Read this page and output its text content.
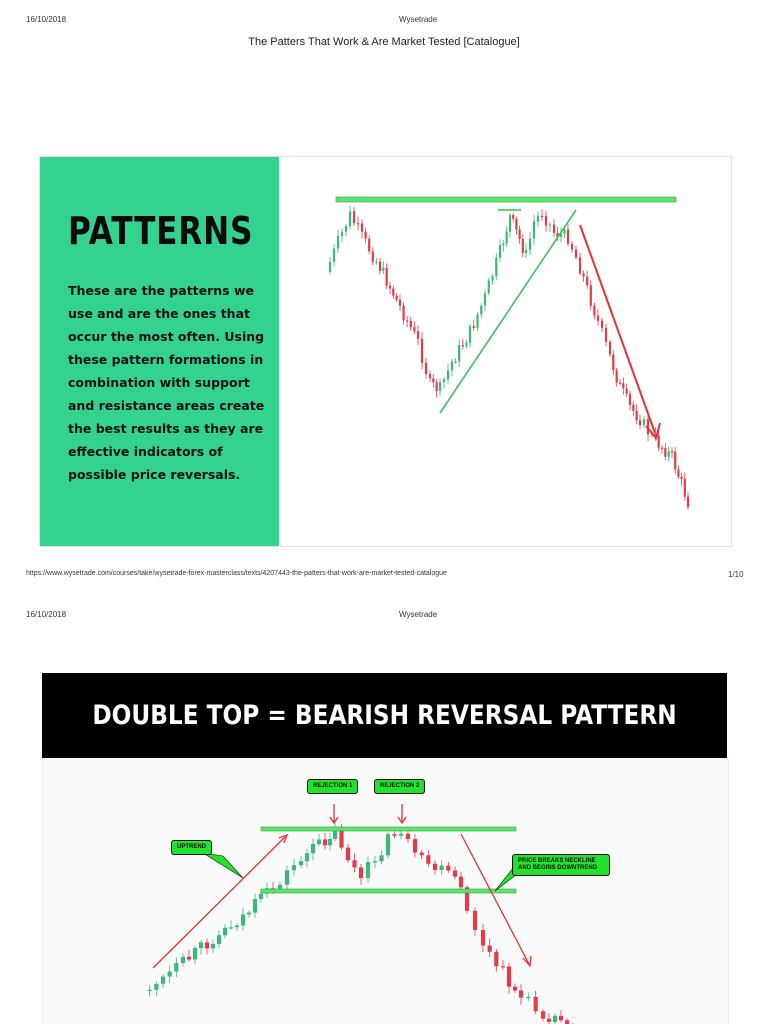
16/10/2018	Wysetrade
The Patters That Work & Are Market Tested [Catalogue]
PATTERNS

These are the patterns we use and are the ones that occur the most often. Using these pattern formations in combination with support and resistance areas create the best results as they are effective indicators of possible price reversals.

https://www.wysetrade.com/courses/take/wysetrade-forex-masterclass/texts/4207443-the-patters-that-work-are-market-tested-catalogue	1/10
16/10/2018	Wysetrade
DOUBLE TOP = BEARISH REVERSAL PATTERN
REJECTION 1	REJECTION 2
UPTREND
PRICE BREAKS NECKLINE AND BEGINS DOWNTREND
